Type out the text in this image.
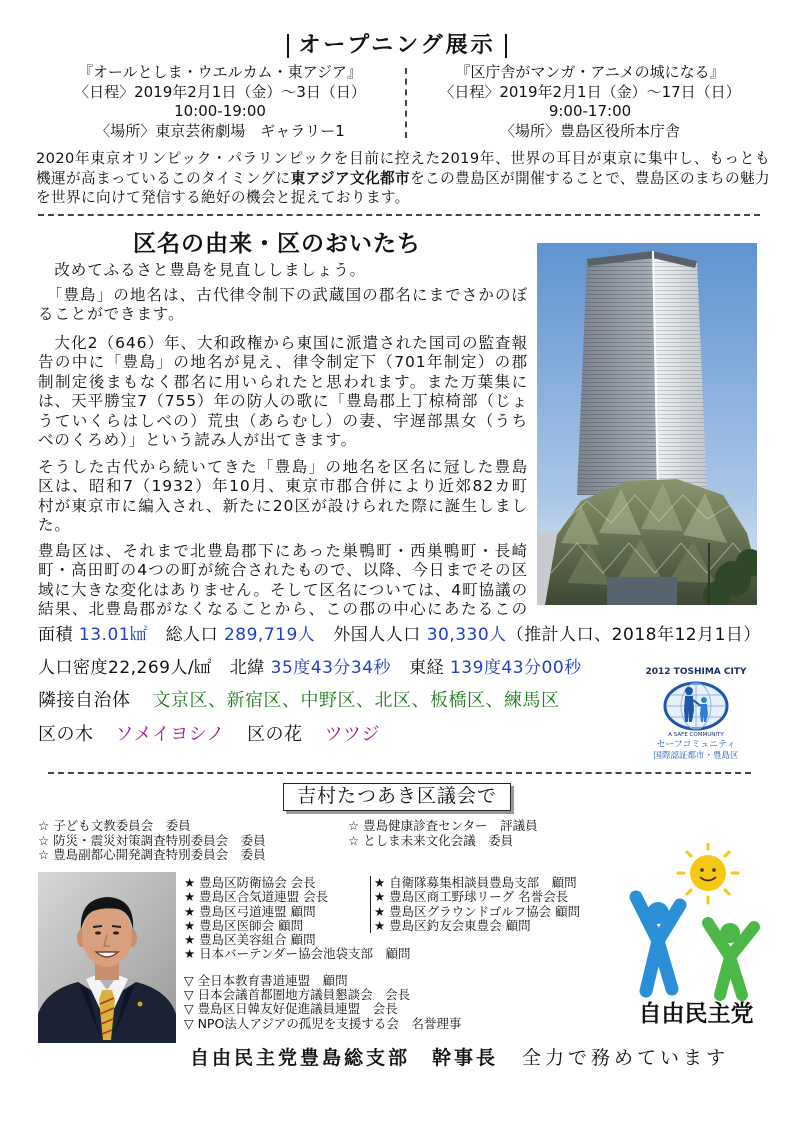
オープニング展示
『オールとしま・ウエルカム・東アジア』
〈日程〉2019年2月1日（金）～3日（日）
10:00-19:00
〈場所〉東京芸術劇場　ギャラリー1
『区庁舎がマンガ・アニメの城になる』
〈日程〉2019年2月1日（金）～17日（日）
9:00-17:00
〈場所〉豊島区役所本庁舎

2020年東京オリンピック・パラリンピックを目前に控えた2019年、世界の耳目が東京に集中し、もっとも機運が高まっているこのタイミングに東アジア文化都市をこの豊島区が開催することで、豊島区のまちの魅力を世界に向けて発信する絶好の機会と捉えております。

区名の由来・区のおいたち

　改めてふるさと豊島を見直ししましょう。

　「豊島」の地名は、古代律令制下の武蔵国の郡名にまでさかのぼることができます。

　大化2（646）年、大和政権から東国に派遣された国司の監査報告の中に「豊島」の地名が見え、律令制定下（701年制定）の郡制制定後まもなく郡名に用いられたと思われます。また万葉集には、天平勝宝7（755）年の防人の歌に「豊島郡上丁椋椅部（じょうていくらはしべの）荒虫（あらむし）の妻、宇遅部黒女（うちべのくろめ）」という読み人が出てきます。

そうした古代から続いてきた「豊島」の地名を区名に冠した豊島区は、昭和7（1932）年10月、東京市郡合併により近郊82カ町村が東京市に編入され、新たに20区が設けられた際に誕生しました。

豊島区は、それまで北豊島郡下にあった巣鴨町・西巣鴨町・長崎町・高田町の4つの町が統合されたもので、以降、今日までその区域に大きな変化はありません。そして区名については、4町協議の結果、北豊島郡がなくなることから、この郡の中心にあたるこの

面積 13.01㎢ 総人口 289,719人 外国人人口 30,330人（推計人口、2018年12月1日）
人口密度22,269人/㎢ 北緯 35度43分34秒 東経 139度43分00秒
隣接自治体 文京区、新宿区、中野区、北区、板橋区、練馬区
区の木 ソメイヨシノ 区の花 ツツジ
2012 TOSHIMA CITY
A SAFE COMMUNITY
セーフコミュニティ
国際認証都市・豊島区
吉村たつあき区議会で
☆ 子ども文教委員会　委員
☆ 防災・震災対策調査特別委員会　委員
☆ 豊島副都心開発調査特別委員会　委員
☆ 豊島健康診査センター　評議員
☆ としま未来文化会議　委員
★ 豊島区防衛協会 会長
★ 豊島区合気道連盟 会長
★ 豊島区弓道連盟 顧問
★ 豊島区医師会 顧問
★ 豊島区美容組合 顧問
★ 日本バーテンダー協会池袋支部　顧問
★ 自衛隊募集相談員豊島支部　顧問
★ 豊島区商工野球リーグ 名誉会長
★ 豊島区グラウンドゴルフ協会 顧問
★ 豊島区釣友会東豊会 顧問
▽ 全日本教育書道連盟　顧問
▽ 日本会議首都圏地方議員懇談会　会長
▽ 豊島区日韓友好促進議員連盟　会長
▽ NPO法人アジアの孤児を支援する会　名誉理事
自由民主党豊島総支部 幹事長 全力で務めています
自由民主党
